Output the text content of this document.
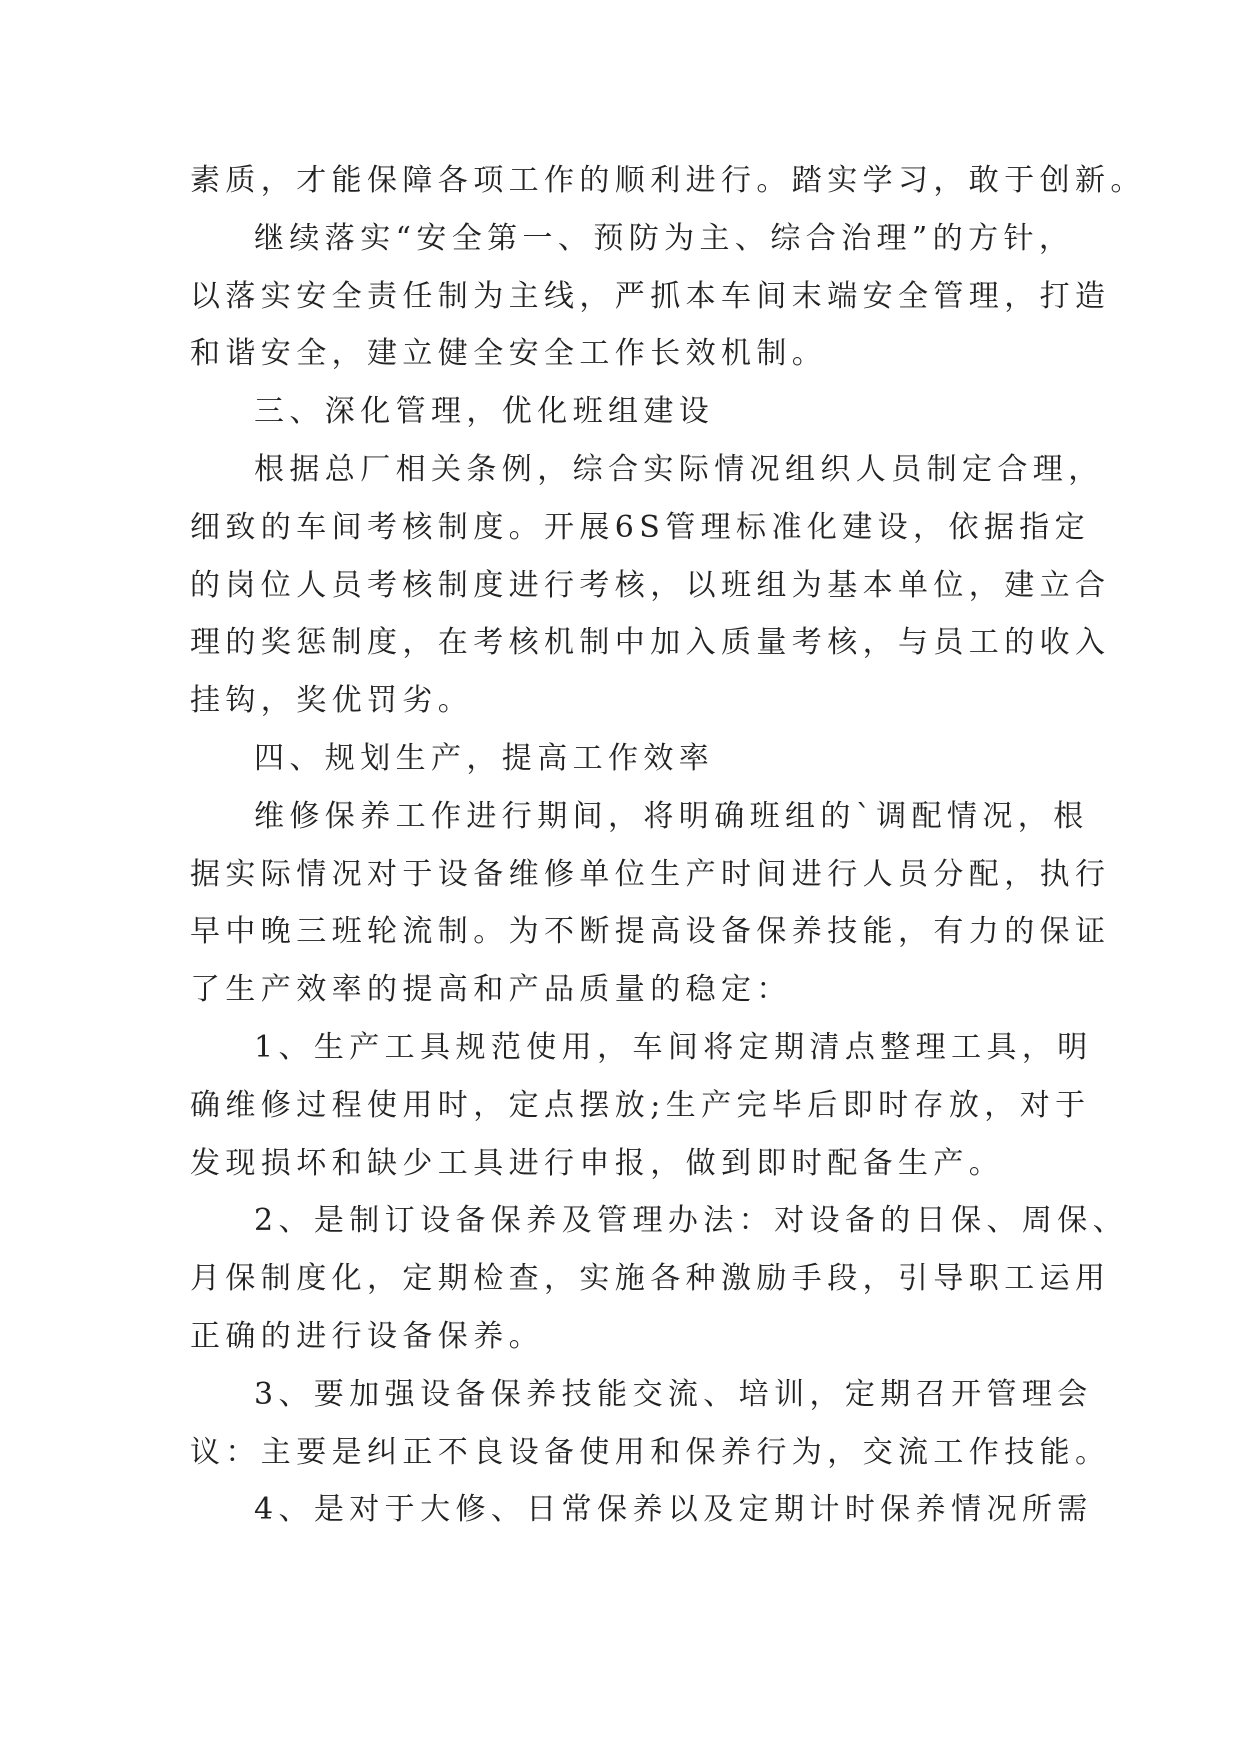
素质，才能保障各项工作的顺利进行。踏实学习，敢于创新。
继续落实“安全第一、预防为主、综合治理”的方针，
以落实安全责任制为主线，严抓本车间末端安全管理，打造
和谐安全，建立健全安全工作长效机制。
三、深化管理，优化班组建设
根据总厂相关条例，综合实际情况组织人员制定合理，
细致的车间考核制度。开展6S管理标准化建设，依据指定
的岗位人员考核制度进行考核，以班组为基本单位，建立合
理的奖惩制度，在考核机制中加入质量考核，与员工的收入
挂钩，奖优罚劣。
四、规划生产，提高工作效率
维修保养工作进行期间，将明确班组的`调配情况，根
据实际情况对于设备维修单位生产时间进行人员分配，执行
早中晚三班轮流制。为不断提高设备保养技能，有力的保证
了生产效率的提高和产品质量的稳定：
1、生产工具规范使用，车间将定期清点整理工具，明
确维修过程使用时，定点摆放;生产完毕后即时存放，对于
发现损坏和缺少工具进行申报，做到即时配备生产。
2、是制订设备保养及管理办法：对设备的日保、周保、
月保制度化，定期检查，实施各种激励手段，引导职工运用
正确的进行设备保养。
3、要加强设备保养技能交流、培训，定期召开管理会
议：主要是纠正不良设备使用和保养行为，交流工作技能。
4、是对于大修、日常保养以及定期计时保养情况所需
